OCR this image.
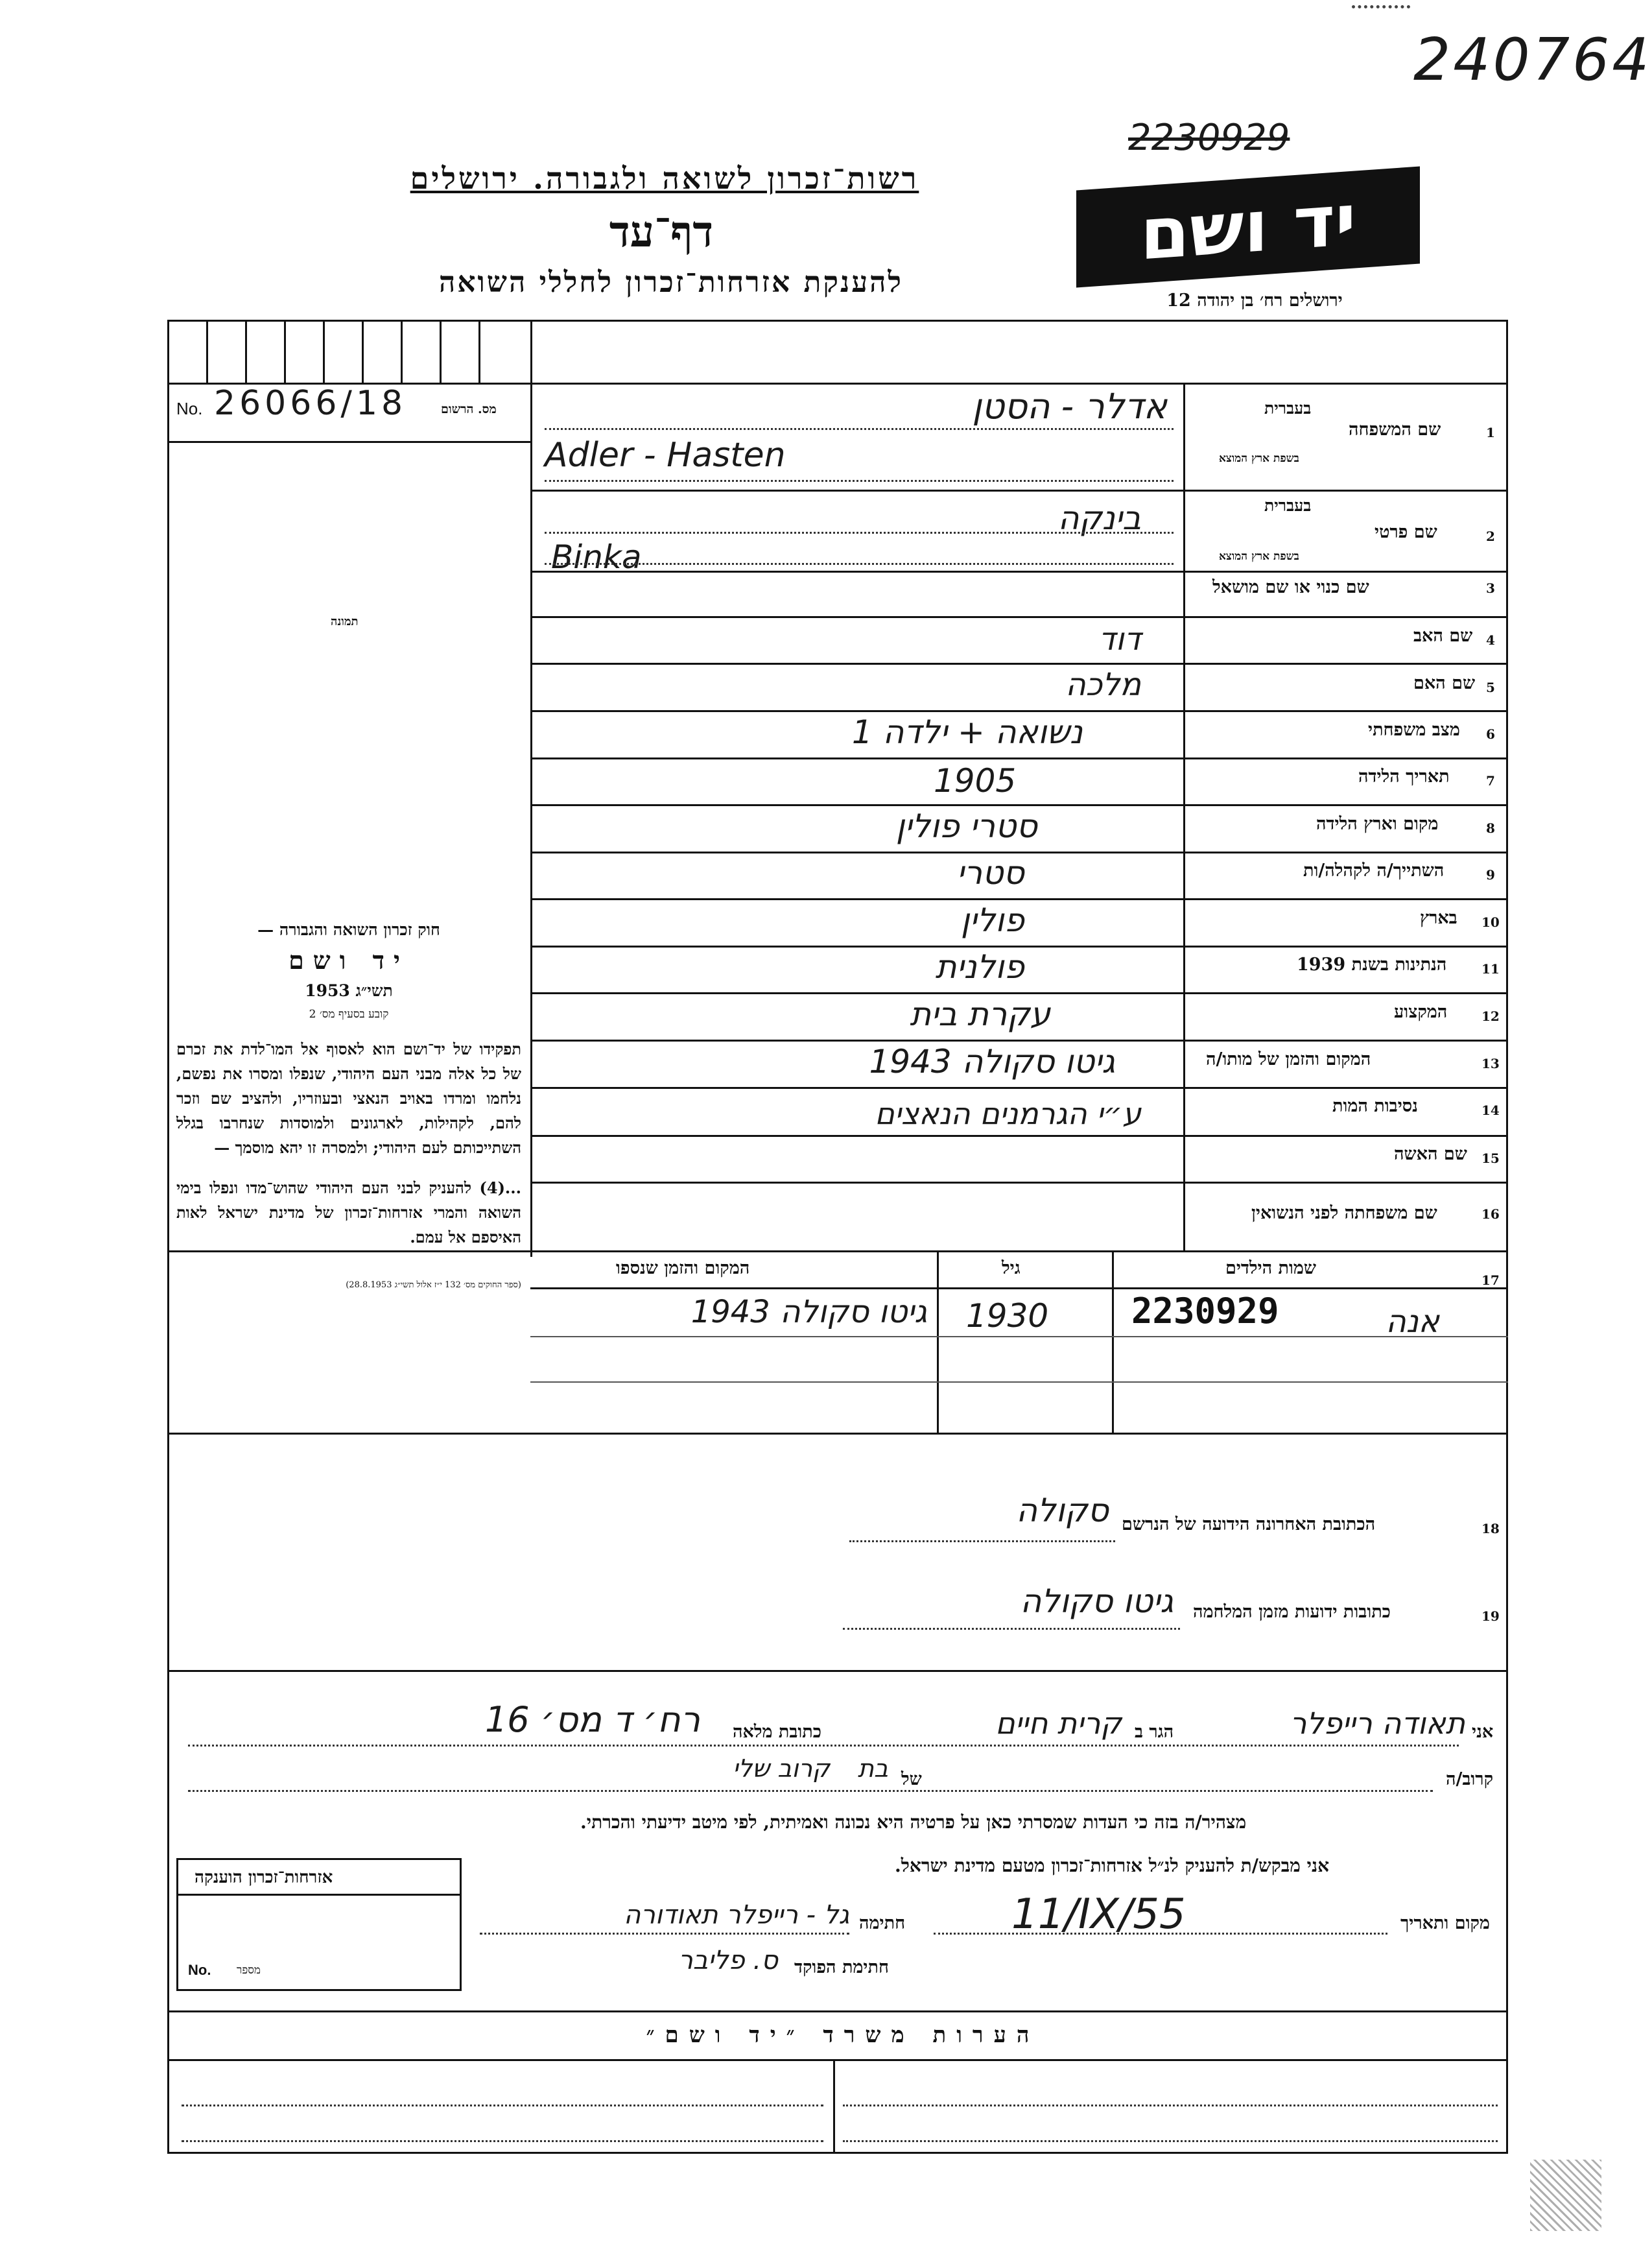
240764
2230929
רשות־זכרון לשואה ולגבורה. ירושלים
דף־עד
להענקת אזרחות־זכרון לחללי השואה
יד ושם
ירושלים רח׳ בן יהודה 12
No. 26066/18	מס. הרשום
תמונה

חוק זכרון השואה והגבורה —

יד ושם

תשי״ג 1953

קובע בסעיף מס׳ 2

תפקידו של יד־ושם הוא לאסוף אל המו־לדת את זכרם של כל אלה מבני העם היהודי, שנפלו ומסרו את נפשם, נלחמו ומרדו באויב הנאצי ובעוזריו, ולהציב שם וזכר להם, לקהילות, לארגונים ולמוסדות שנחרבו בגלל השתייכותם לעם היהודי; ולמסרה זו יהא מוסמך —

...(4) להעניק לבני העם היהודי שהוש־מדו ונפלו בימי השואה והמרי אזרחות־זכרון של מדינת ישראל לאות האיספם אל עמם.

(ספר החוקים מס׳ 132 י״ז אלול תשי״ג 28.8.1953)

1
שם המשפחה
בעברית
בשפת ארץ המוצא
אדלר - הסטן
Adler - Hasten
2
שם פרטי
בעברית
בשפת ארץ המוצא
בינקה
Binka
3
שם כנוי או שם מושאל
4
שם האב
דוד
5
שם האם
מלכה
6
מצב משפחתי
נשואה + ילדה 1
7
תאריך הלידה
1905
8
מקום וארץ הלידה
סטרי פולין
9
השתייך/ה לקהלה/ות
סטרי
10
בארץ
פולין
11
הנתינות בשנת 1939
פולנית
12
המקצוע
עקרת בית
13
המקום והזמן של מותו/ה
גיטו סקולה 1943
14
נסיבות המות
ע״י הגרמנים הנאצים
15
שם האשה
16
שם משפחתה לפני הנשואין
17
שמות הילדים
גיל
המקום והזמן שנספו
2230929	אנה
1930
גיטו סקולה 1943
18
הכתובת האחרונה הידועה של הנרשם
סקולה
19
כתובות ידועות מזמן המלחמה
גיטו סקולה
אני
תאודה רייפלר
הגר ב
קרית חיים
כתובת מלאה
רח׳ ד מס׳ 16
קרוב/ה
בת
קרוב שלי	של
מצהיר/ה בזה כי העדות שמסרתי כאן על פרטיה היא נכונה ואמיתית, לפי מיטב ידיעתי והכרתי.
אני מבקש/ת להעניק לנ״ל אזרחות־זכרון מטעם מדינת ישראל.
מקום ותאריך
11/IX/55
חתימה
גל - רייפלר תאודורה
חתימת הפוקד
ס. פליבר
אזרחות־זכרון הוענקה
No. מספר
הערות משרד ״יד ושם״
